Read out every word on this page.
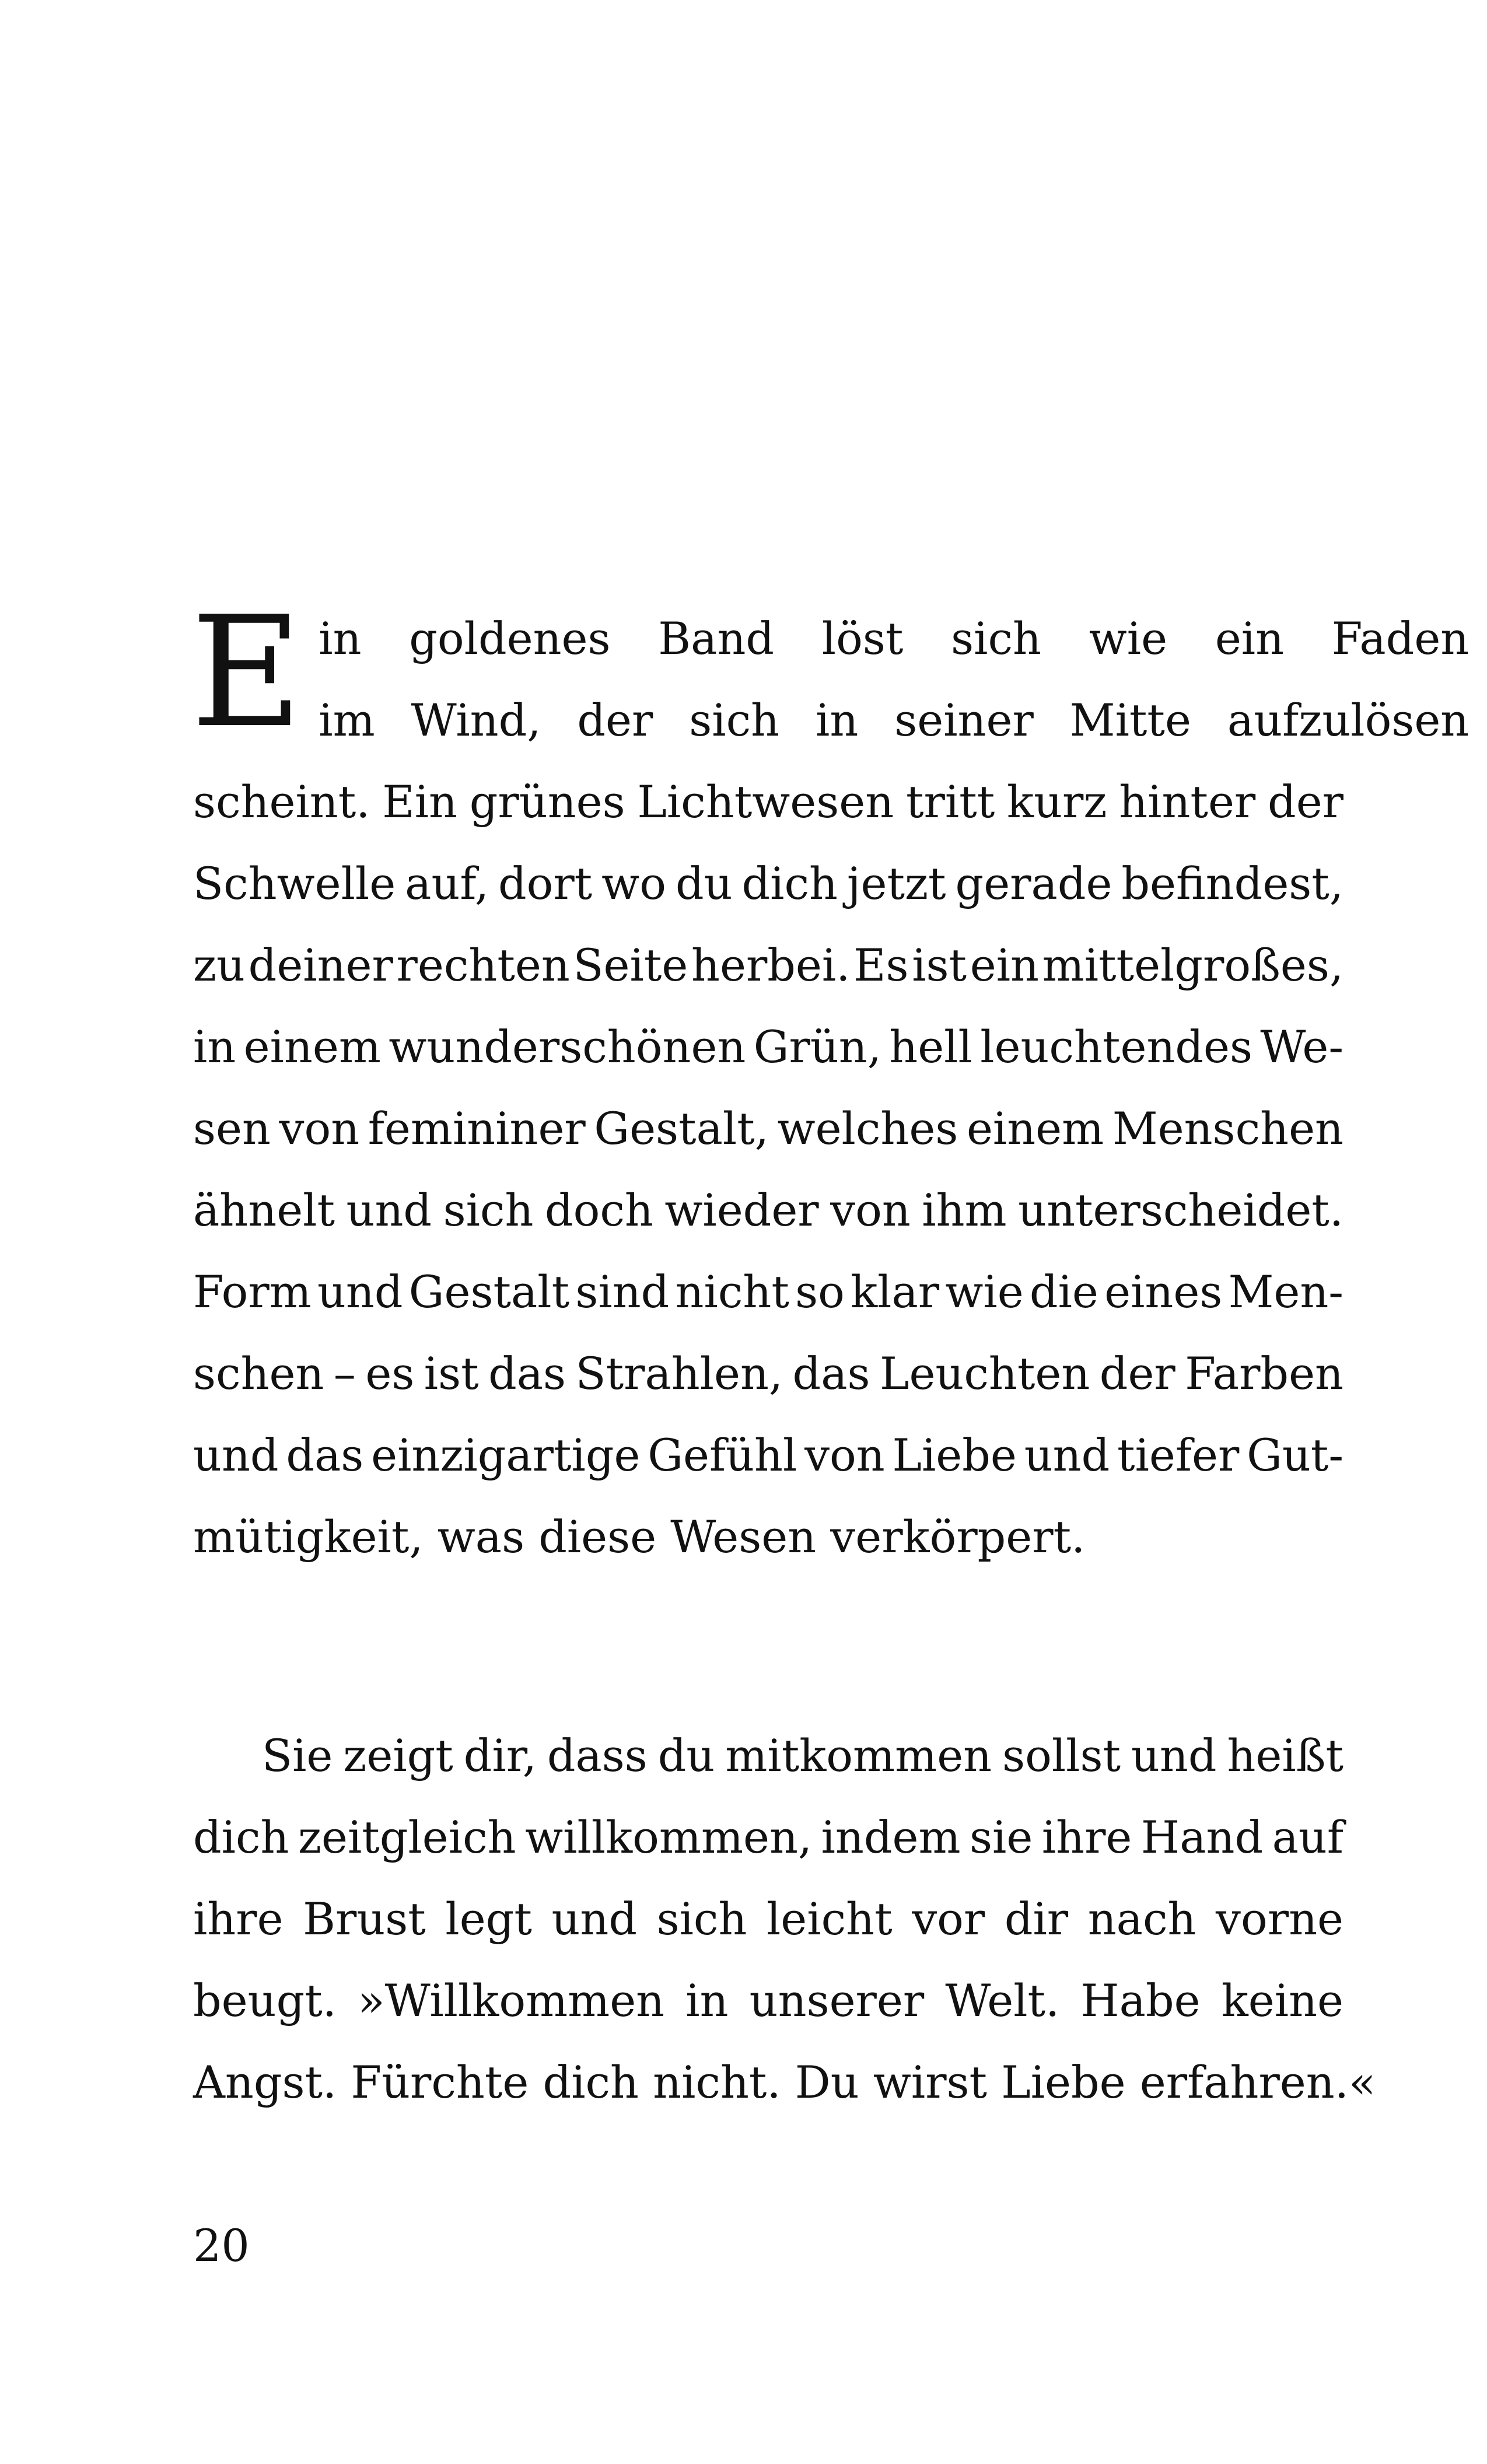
E in goldenes Band löst sich wie ein Faden
im Wind, der sich in seiner Mitte aufzulösen
scheint. Ein grünes Lichtwesen tritt kurz hinter der
Schwelle auf, dort wo du dich jetzt gerade befindest,
zu deiner rechten Seite herbei. Es ist ein mittelgroßes,
in einem wunderschönen Grün, hell leuchtendes We-
sen von femininer Gestalt, welches einem Menschen
ähnelt und sich doch wieder von ihm unterscheidet.
Form und Gestalt sind nicht so klar wie die eines Men-
schen – es ist das Strahlen, das Leuchten der Farben
und das einzigartige Gefühl von Liebe und tiefer Gut-
mütigkeit, was diese Wesen verkörpert.
Sie zeigt dir, dass du mitkommen sollst und heißt
dich zeitgleich willkommen, indem sie ihre Hand auf
ihre Brust legt und sich leicht vor dir nach vorne
beugt. »Willkommen in unserer Welt. Habe keine
Angst. Fürchte dich nicht. Du wirst Liebe erfahren.«
20
